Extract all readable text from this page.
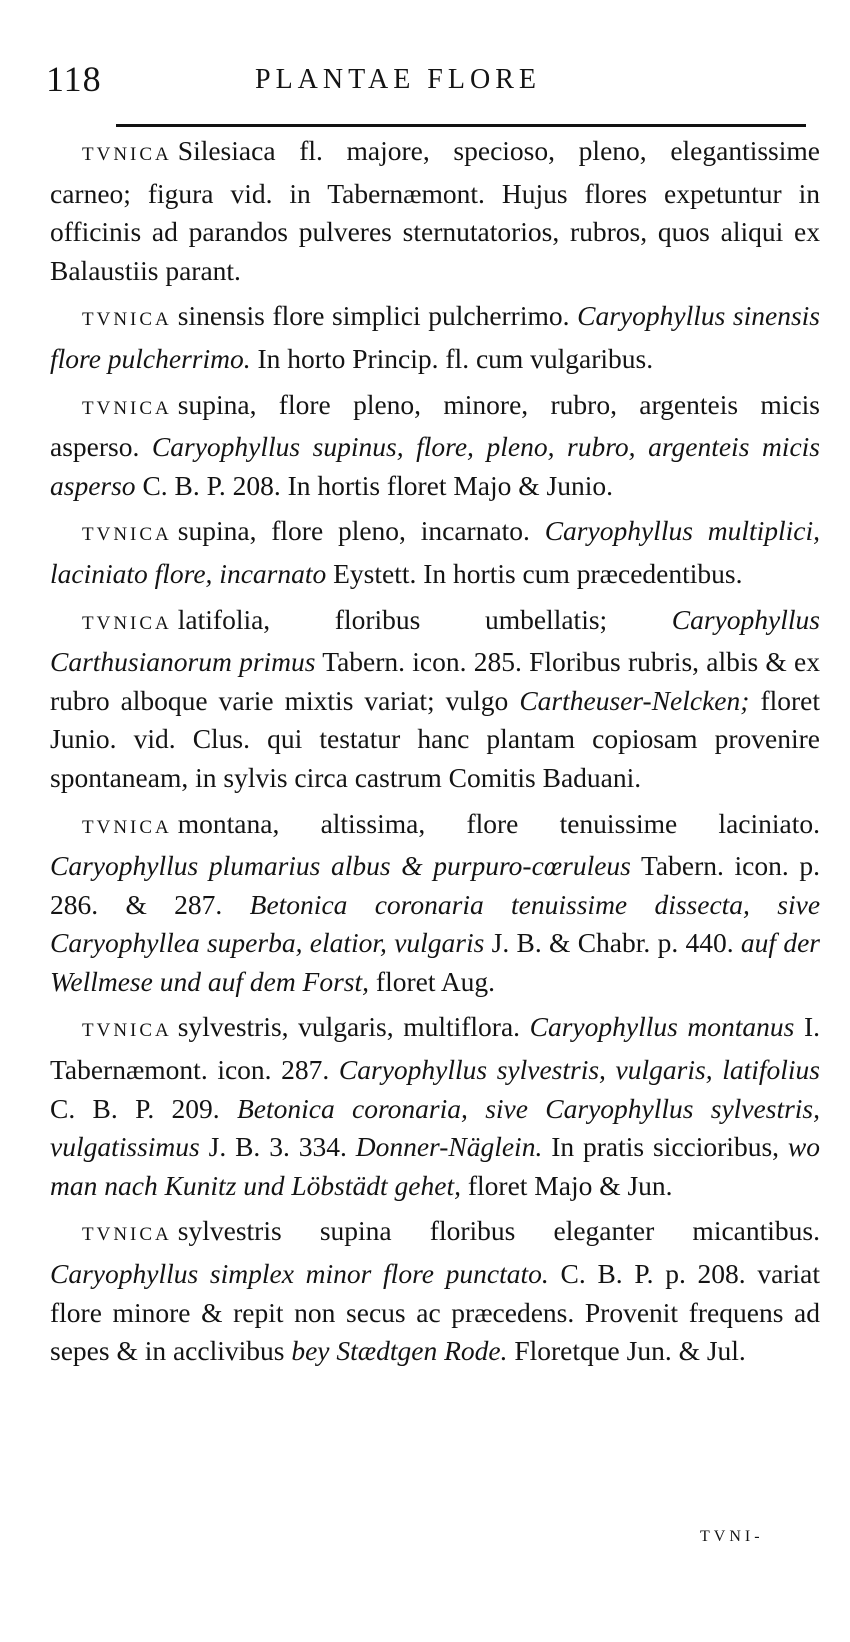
118	PLANTAE FLORE

TVNICA Silesiaca fl. majore, specioso, pleno, elegantissime carneo; figura vid. in Tabernæmont. Hujus flores expetuntur in officinis ad parandos pulveres sternutatorios, rubros, quos aliqui ex Balaustiis parant.

TVNICA sinensis flore simplici pulcherrimo. Caryophyllus sinensis flore pulcherrimo. In horto Princip. fl. cum vulgaribus.

TVNICA supina, flore pleno, minore, rubro, argenteis micis asperso. Caryophyllus supinus, flore, pleno, rubro, argenteis micis asperso C. B. P. 208. In hortis floret Majo & Junio.

TVNICA supina, flore pleno, incarnato. Caryophyllus multiplici, laciniato flore, incarnato Eystett. In hortis cum præcedentibus.

TVNICA latifolia, floribus umbellatis; Caryophyllus Carthusianorum primus Tabern. icon. 285. Floribus rubris, albis & ex rubro alboque varie mixtis variat; vulgo Cartheuser-Nelcken; floret Junio. vid. Clus. qui testatur hanc plantam copiosam provenire spontaneam, in sylvis circa castrum Comitis Baduani.

TVNICA montana, altissima, flore tenuissime laciniato. Caryophyllus plumarius albus & purpuro-cœruleus Tabern. icon. p. 286. & 287. Betonica coronaria tenuissime dissecta, sive Caryophyllea superba, elatior, vulgaris J. B. & Chabr. p. 440. auf der Wellmese und auf dem Forst, floret Aug.

TVNICA sylvestris, vulgaris, multiflora. Caryophyllus montanus I. Tabernæmont. icon. 287. Caryophyllus sylvestris, vulgaris, latifolius C. B. P. 209. Betonica coronaria, sive Caryophyllus sylvestris, vulgatissimus J. B. 3. 334. Donner-Näglein. In pratis siccioribus, wo man nach Kunitz und Löbstädt gehet, floret Majo & Jun.

TVNICA sylvestris supina floribus eleganter micantibus. Caryophyllus simplex minor flore punctato. C. B. P. p. 208. variat flore minore & repit non secus ac præcedens. Provenit frequens ad sepes & in acclivibus bey Stædtgen Rode. Floretque Jun. & Jul.

TVNI-
